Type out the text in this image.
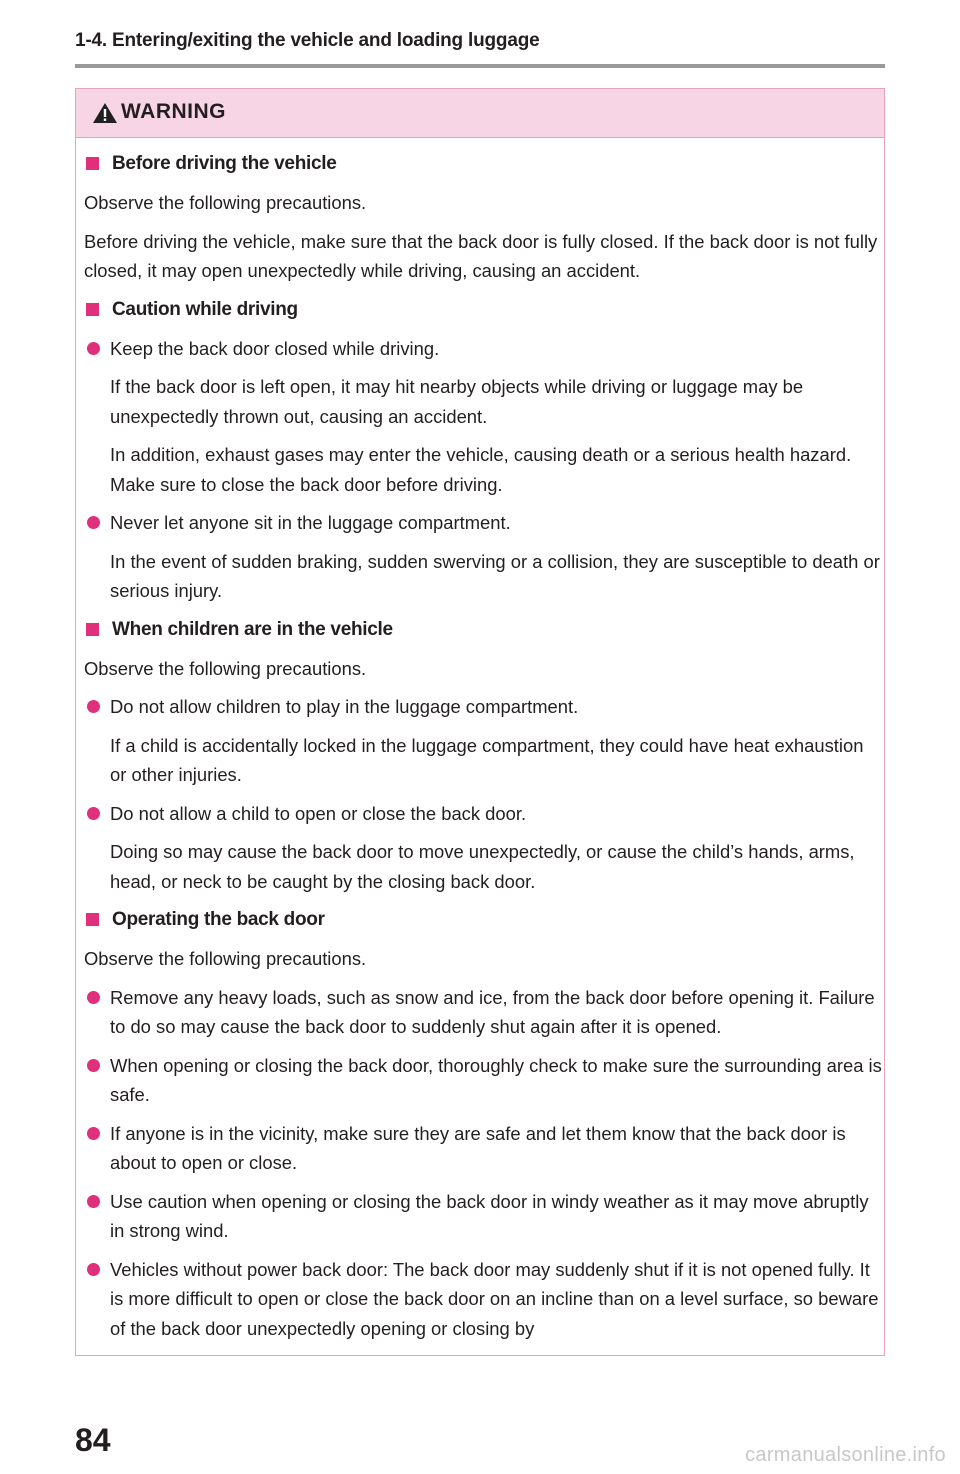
1-4. Entering/exiting the vehicle and loading luggage
WARNING
Before driving the vehicle
Observe the following precautions.
Before driving the vehicle, make sure that the back door is fully closed. If the back door is not fully closed, it may open unexpectedly while driving, causing an accident.
Caution while driving
Keep the back door closed while driving.
If the back door is left open, it may hit nearby objects while driving or luggage may be unexpectedly thrown out, causing an accident.
In addition, exhaust gases may enter the vehicle, causing death or a serious health hazard. Make sure to close the back door before driving.
Never let anyone sit in the luggage compartment.
In the event of sudden braking, sudden swerving or a collision, they are susceptible to death or serious injury.
When children are in the vehicle
Observe the following precautions.
Do not allow children to play in the luggage compartment.
If a child is accidentally locked in the luggage compartment, they could have heat exhaustion or other injuries.
Do not allow a child to open or close the back door.
Doing so may cause the back door to move unexpectedly, or cause the child’s hands, arms, head, or neck to be caught by the closing back door.
Operating the back door
Observe the following precautions.
Remove any heavy loads, such as snow and ice, from the back door before opening it. Failure to do so may cause the back door to suddenly shut again after it is opened.
When opening or closing the back door, thoroughly check to make sure the surrounding area is safe.
If anyone is in the vicinity, make sure they are safe and let them know that the back door is about to open or close.
Use caution when opening or closing the back door in windy weather as it may move abruptly in strong wind.
Vehicles without power back door: The back door may suddenly shut if it is not opened fully. It is more difficult to open or close the back door on an incline than on a level surface, so beware of the back door unexpectedly opening or closing by
84	carmanualsonline.info
